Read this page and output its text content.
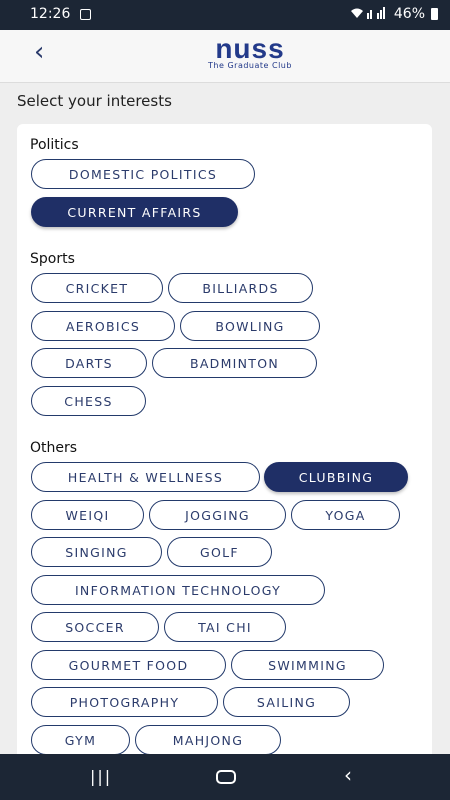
12:26	46%
‹	nuss
The Graduate Club
Select your interests
Politics
DOMESTIC POLITICS
CURRENT AFFAIRS
Sports
CRICKET	BILLIARDS
AEROBICS	BOWLING
DARTS	BADMINTON
CHESS
Others
HEALTH & WELLNESS	CLUBBING
WEIQI	JOGGING	YOGA
SINGING	GOLF
INFORMATION TECHNOLOGY
SOCCER	TAI CHI
GOURMET FOOD	SWIMMING
PHOTOGRAPHY	SAILING
GYM	MAHJONG
|||	‹
